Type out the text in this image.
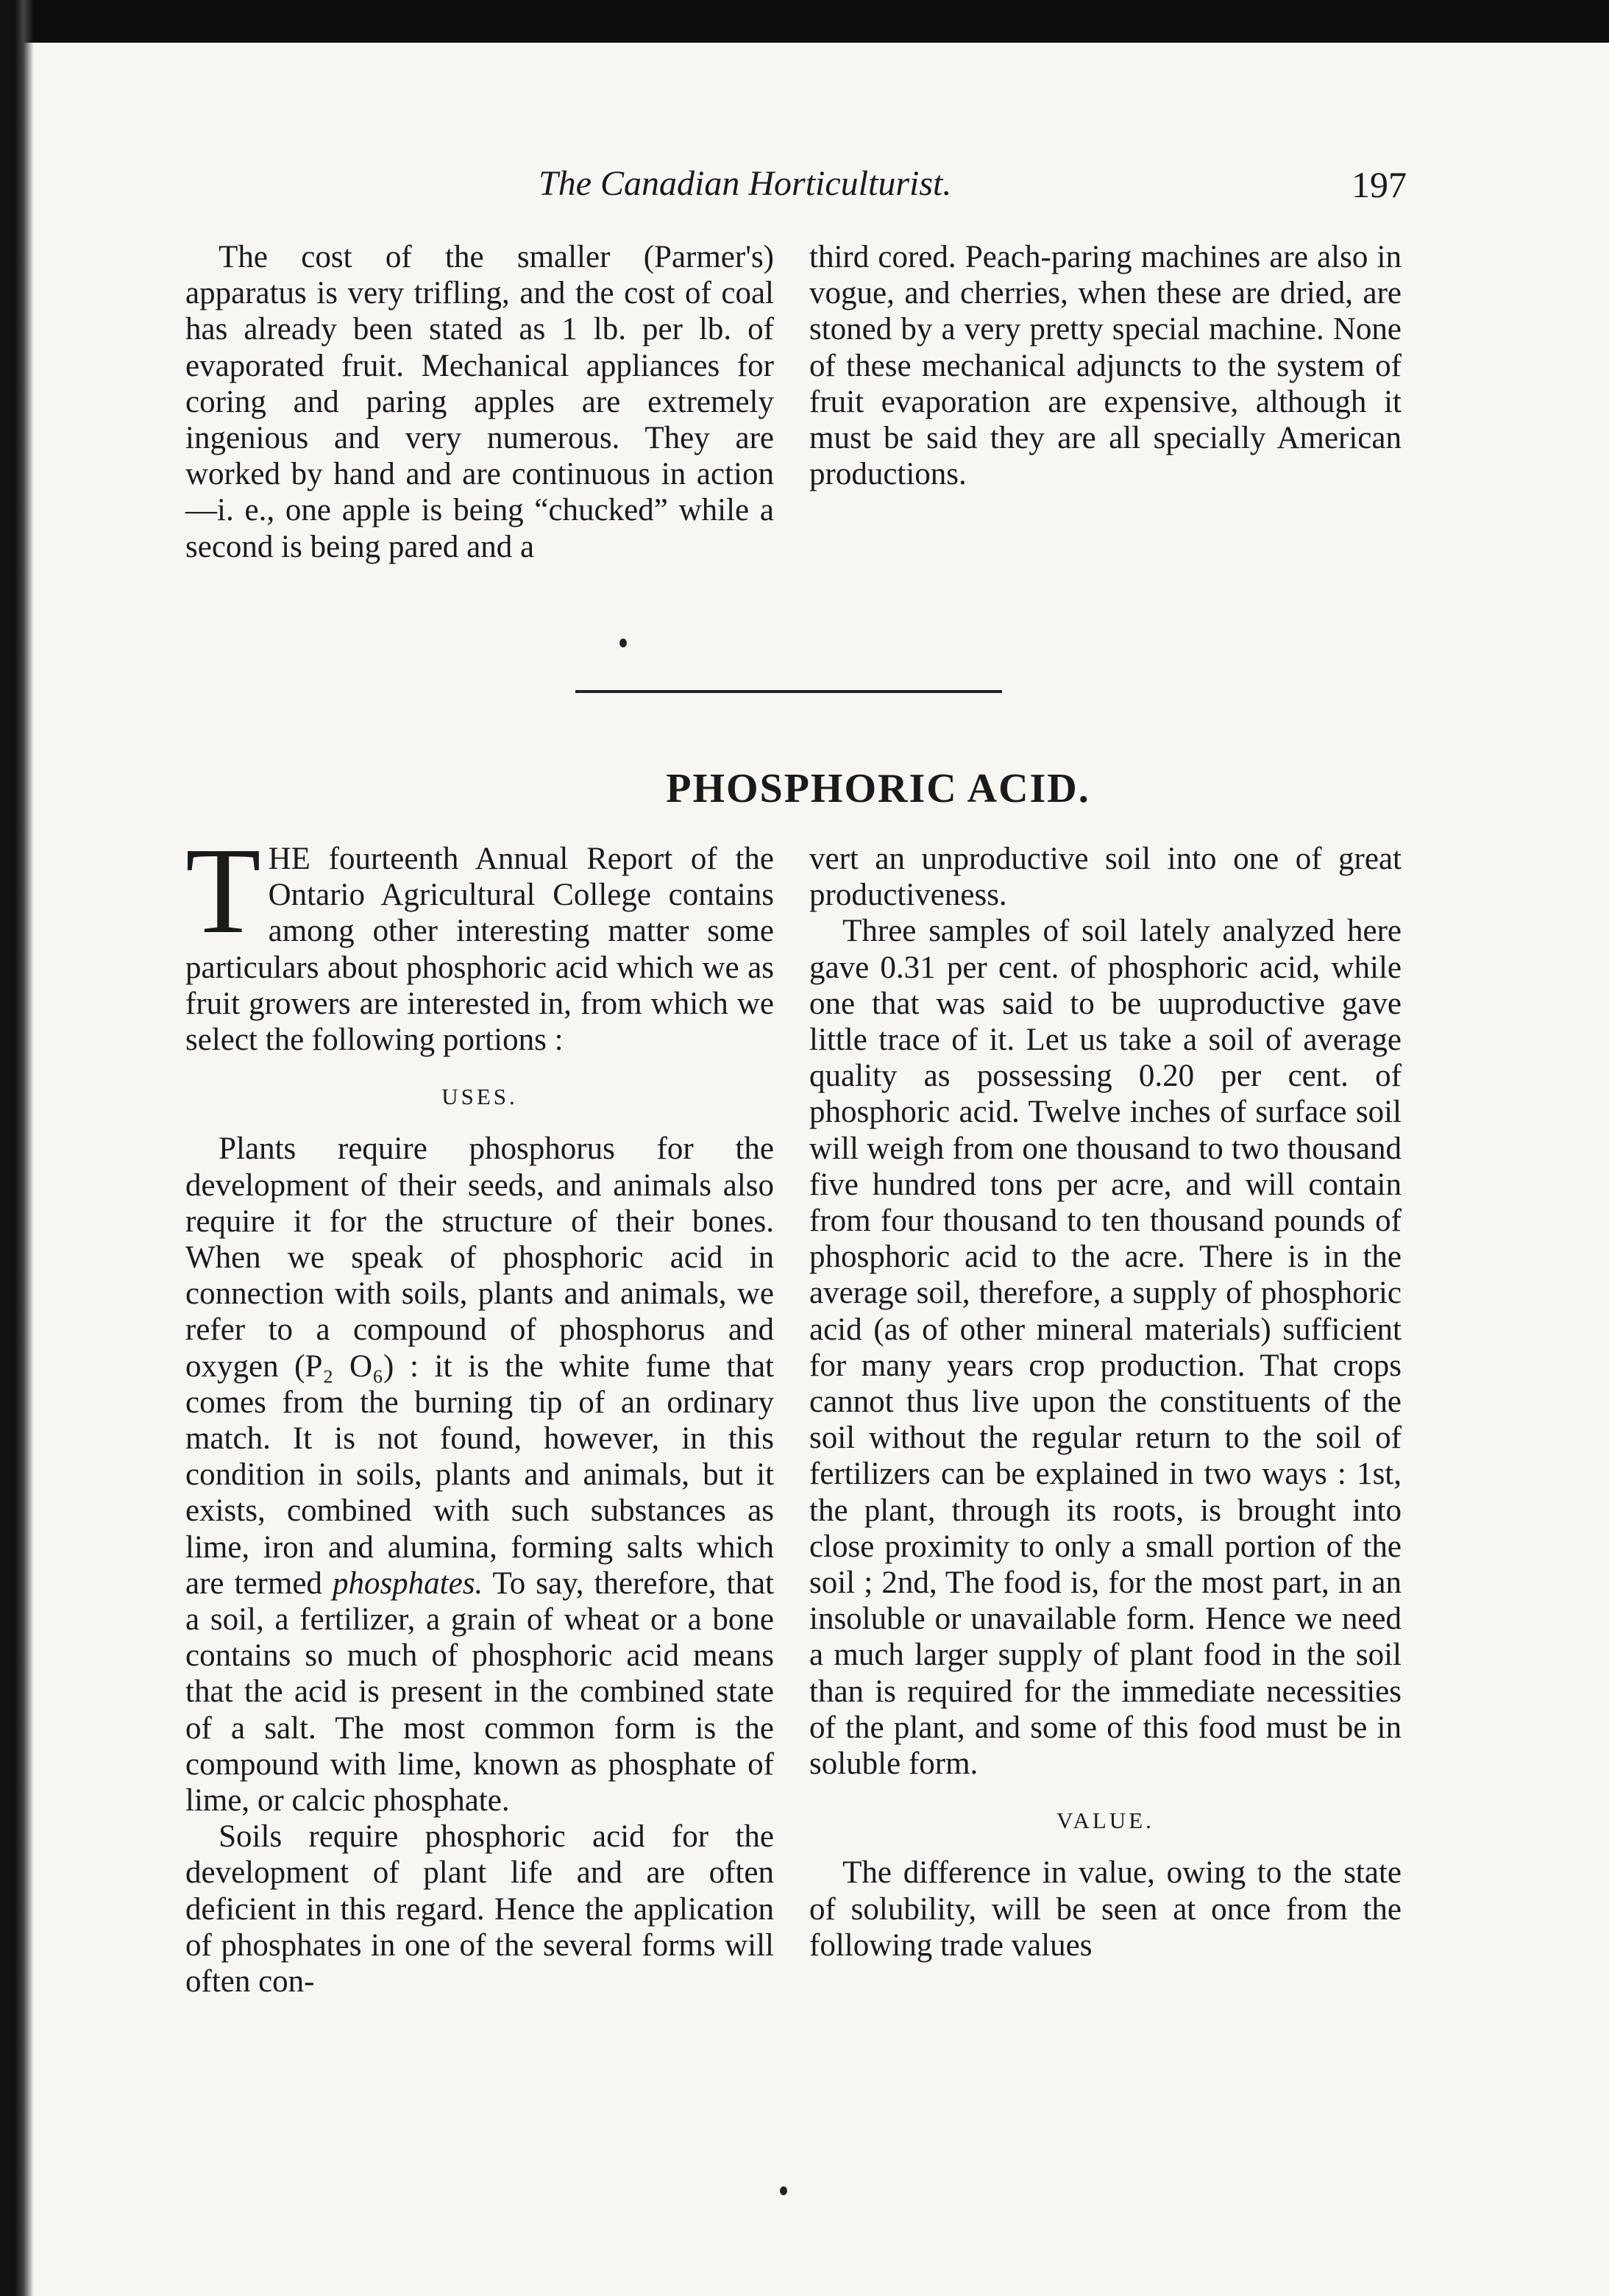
The Canadian Horticulturist.	197

The cost of the smaller (Parmer's) apparatus is very trifling, and the cost of coal has already been stated as 1 lb. per lb. of evaporated fruit. Mechanical appliances for coring and paring apples are extremely ingenious and very numerous. They are worked by hand and are continuous in action —i. e., one apple is being “chucked” while a second is being pared and a

third cored. Peach-paring machines are also in vogue, and cherries, when these are dried, are stoned by a very pretty special machine. None of these mechanical adjuncts to the system of fruit evaporation are expensive, although it must be said they are all specially American productions.

PHOSPHORIC ACID.

THE fourteenth Annual Report of the Ontario Agricultural College contains among other interesting matter some particulars about phosphoric acid which we as fruit growers are interested in, from which we select the following portions :

USES.

Plants require phosphorus for the development of their seeds, and animals also require it for the structure of their bones. When we speak of phosphoric acid in connection with soils, plants and animals, we refer to a compound of phosphorus and oxygen (P₂ O₆) : it is the white fume that comes from the burning tip of an ordinary match. It is not found, however, in this condition in soils, plants and animals, but it exists, combined with such substances as lime, iron and alumina, forming salts which are termed phosphates. To say, therefore, that a soil, a fertilizer, a grain of wheat or a bone contains so much of phosphoric acid means that the acid is present in the combined state of a salt. The most common form is the compound with lime, known as phosphate of lime, or calcic phosphate.

Soils require phosphoric acid for the development of plant life and are often deficient in this regard. Hence the application of phosphates in one of the several forms will often con-

vert an unproductive soil into one of great productiveness.

Three samples of soil lately analyzed here gave 0.31 per cent. of phosphoric acid, while one that was said to be uuproductive gave little trace of it. Let us take a soil of average quality as possessing 0.20 per cent. of phosphoric acid. Twelve inches of surface soil will weigh from one thousand to two thousand five hundred tons per acre, and will contain from four thousand to ten thousand pounds of phosphoric acid to the acre. There is in the average soil, therefore, a supply of phosphoric acid (as of other mineral materials) sufficient for many years crop production. That crops cannot thus live upon the constituents of the soil without the regular return to the soil of fertilizers can be explained in two ways : 1st, the plant, through its roots, is brought into close proximity to only a small portion of the soil ; 2nd, The food is, for the most part, in an insoluble or unavailable form. Hence we need a much larger supply of plant food in the soil than is required for the immediate necessities of the plant, and some of this food must be in soluble form.

VALUE.

The difference in value, owing to the state of solubility, will be seen at once from the following trade values
